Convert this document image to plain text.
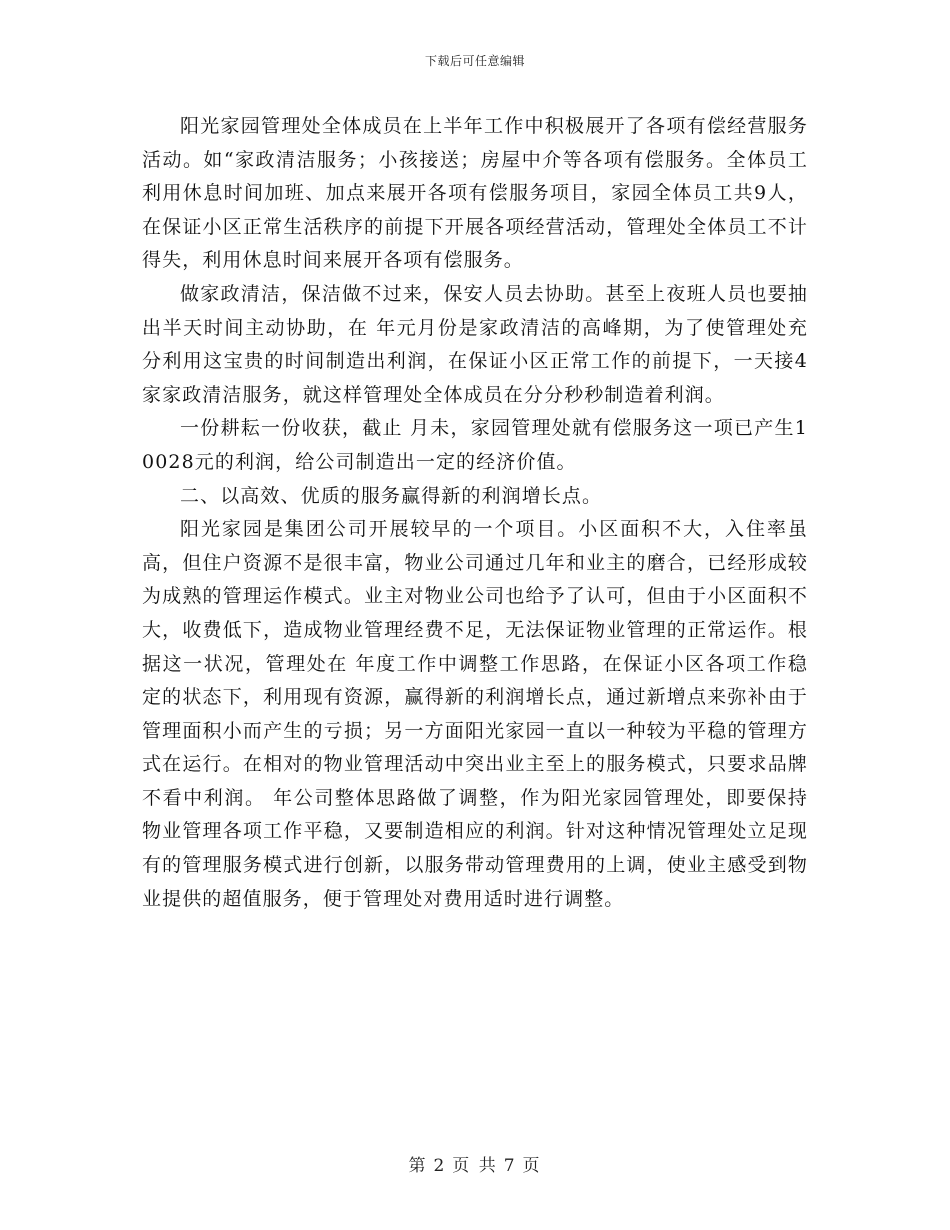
下载后可任意编辑

阳光家园管理处全体成员在上半年工作中积极展开了各项有偿经营服务活动。如“家政清洁服务；小孩接送；房屋中介等各项有偿服务。全体员工利用休息时间加班、加点来展开各项有偿服务项目，家园全体员工共9人，在保证小区正常生活秩序的前提下开展各项经营活动，管理处全体员工不计得失，利用休息时间来展开各项有偿服务。

做家政清洁，保洁做不过来，保安人员去协助。甚至上夜班人员也要抽出半天时间主动协助，在 年元月份是家政清洁的高峰期，为了使管理处充分利用这宝贵的时间制造出利润，在保证小区正常工作的前提下，一天接4家家政清洁服务，就这样管理处全体成员在分分秒秒制造着利润。

一份耕耘一份收获，截止 月未，家园管理处就有偿服务这一项已产生10028元的利润，给公司制造出一定的经济价值。

二、以高效、优质的服务赢得新的利润增长点。

阳光家园是集团公司开展较早的一个项目。小区面积不大，入住率虽高，但住户资源不是很丰富，物业公司通过几年和业主的磨合，已经形成较为成熟的管理运作模式。业主对物业公司也给予了认可，但由于小区面积不大，收费低下，造成物业管理经费不足，无法保证物业管理的正常运作。根据这一状况，管理处在 年度工作中调整工作思路，在保证小区各项工作稳定的状态下，利用现有资源，赢得新的利润增长点，通过新增点来弥补由于管理面积小而产生的亏损；另一方面阳光家园一直以一种较为平稳的管理方式在运行。在相对的物业管理活动中突出业主至上的服务模式，只要求品牌不看中利润。 年公司整体思路做了调整，作为阳光家园管理处，即要保持物业管理各项工作平稳，又要制造相应的利润。针对这种情况管理处立足现有的管理服务模式进行创新，以服务带动管理费用的上调，使业主感受到物业提供的超值服务，便于管理处对费用适时进行调整。

第 2 页 共 7 页
